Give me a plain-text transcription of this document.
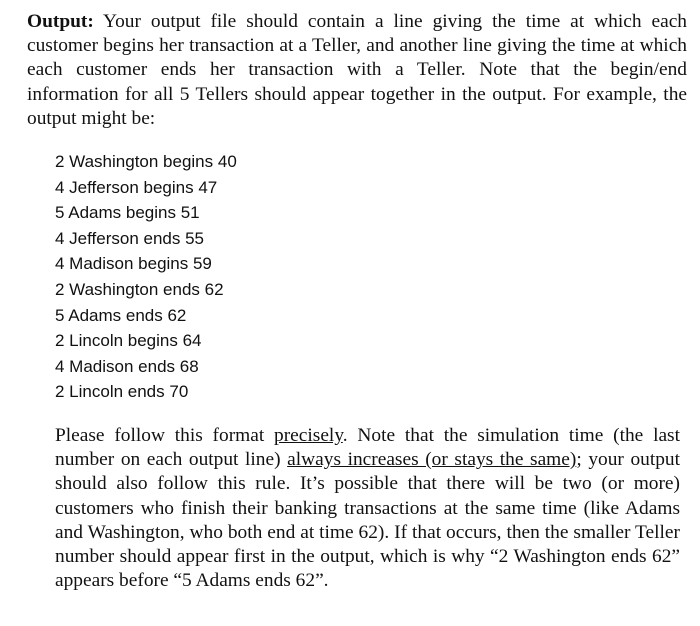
Output: Your output file should contain a line giving the time at which each customer begins her transaction at a Teller, and another line giving the time at which each customer ends her transaction with a Teller. Note that the begin/end information for all 5 Tellers should appear together in the output. For example, the output might be:

2 Washington begins 40
4 Jefferson begins 47
5 Adams begins 51
4 Jefferson ends 55
4 Madison begins 59
2 Washington ends 62
5 Adams ends 62
2 Lincoln begins 64
4 Madison ends 68
2 Lincoln ends 70

Please follow this format precisely. Note that the simulation time (the last number on each output line) always increases (or stays the same); your output should also follow this rule. It’s possible that there will be two (or more) customers who finish their banking transactions at the same time (like Adams and Washington, who both end at time 62). If that occurs, then the smaller Teller number should appear first in the output, which is why “2 Washington ends 62” appears before “5 Adams ends 62”.
